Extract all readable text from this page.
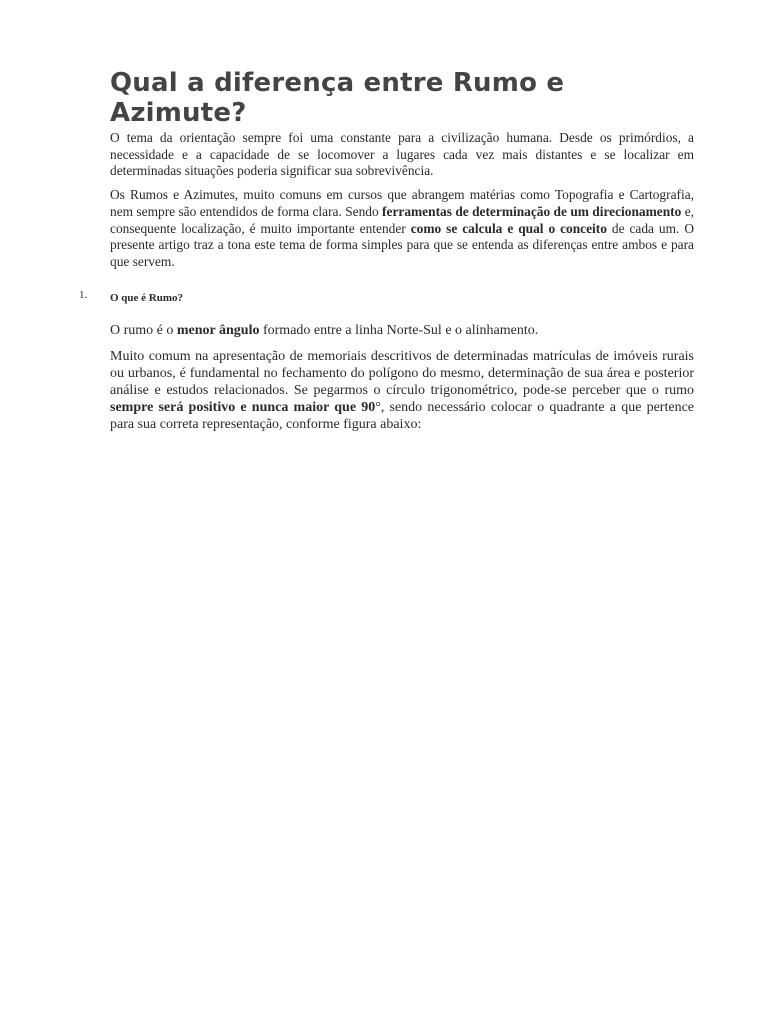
Qual a diferença entre Rumo e Azimute?

O tema da orientação sempre foi uma constante para a civilização humana. Desde os primórdios, a necessidade e a capacidade de se locomover a lugares cada vez mais distantes e se localizar em determinadas situações poderia significar sua sobrevivência.

Os Rumos e Azimutes, muito comuns em cursos que abrangem matérias como Topografia e Cartografia, nem sempre são entendidos de forma clara. Sendo ferramentas de determinação de um direcionamento e, consequente localização, é muito importante entender como se calcula e qual o conceito de cada um. O presente artigo traz a tona este tema de forma simples para que se entenda as diferenças entre ambos e para que servem.

1. O que é Rumo?

O rumo é o menor ângulo formado entre a linha Norte-Sul e o alinhamento.

Muito comum na apresentação de memoriais descritivos de determinadas matrículas de imóveis rurais ou urbanos, é fundamental no fechamento do polígono do mesmo, determinação de sua área e posterior análise e estudos relacionados. Se pegarmos o círculo trigonométrico, pode-se perceber que o rumo sempre será positivo e nunca maior que 90°, sendo necessário colocar o quadrante a que pertence para sua correta representação, conforme figura abaixo:
